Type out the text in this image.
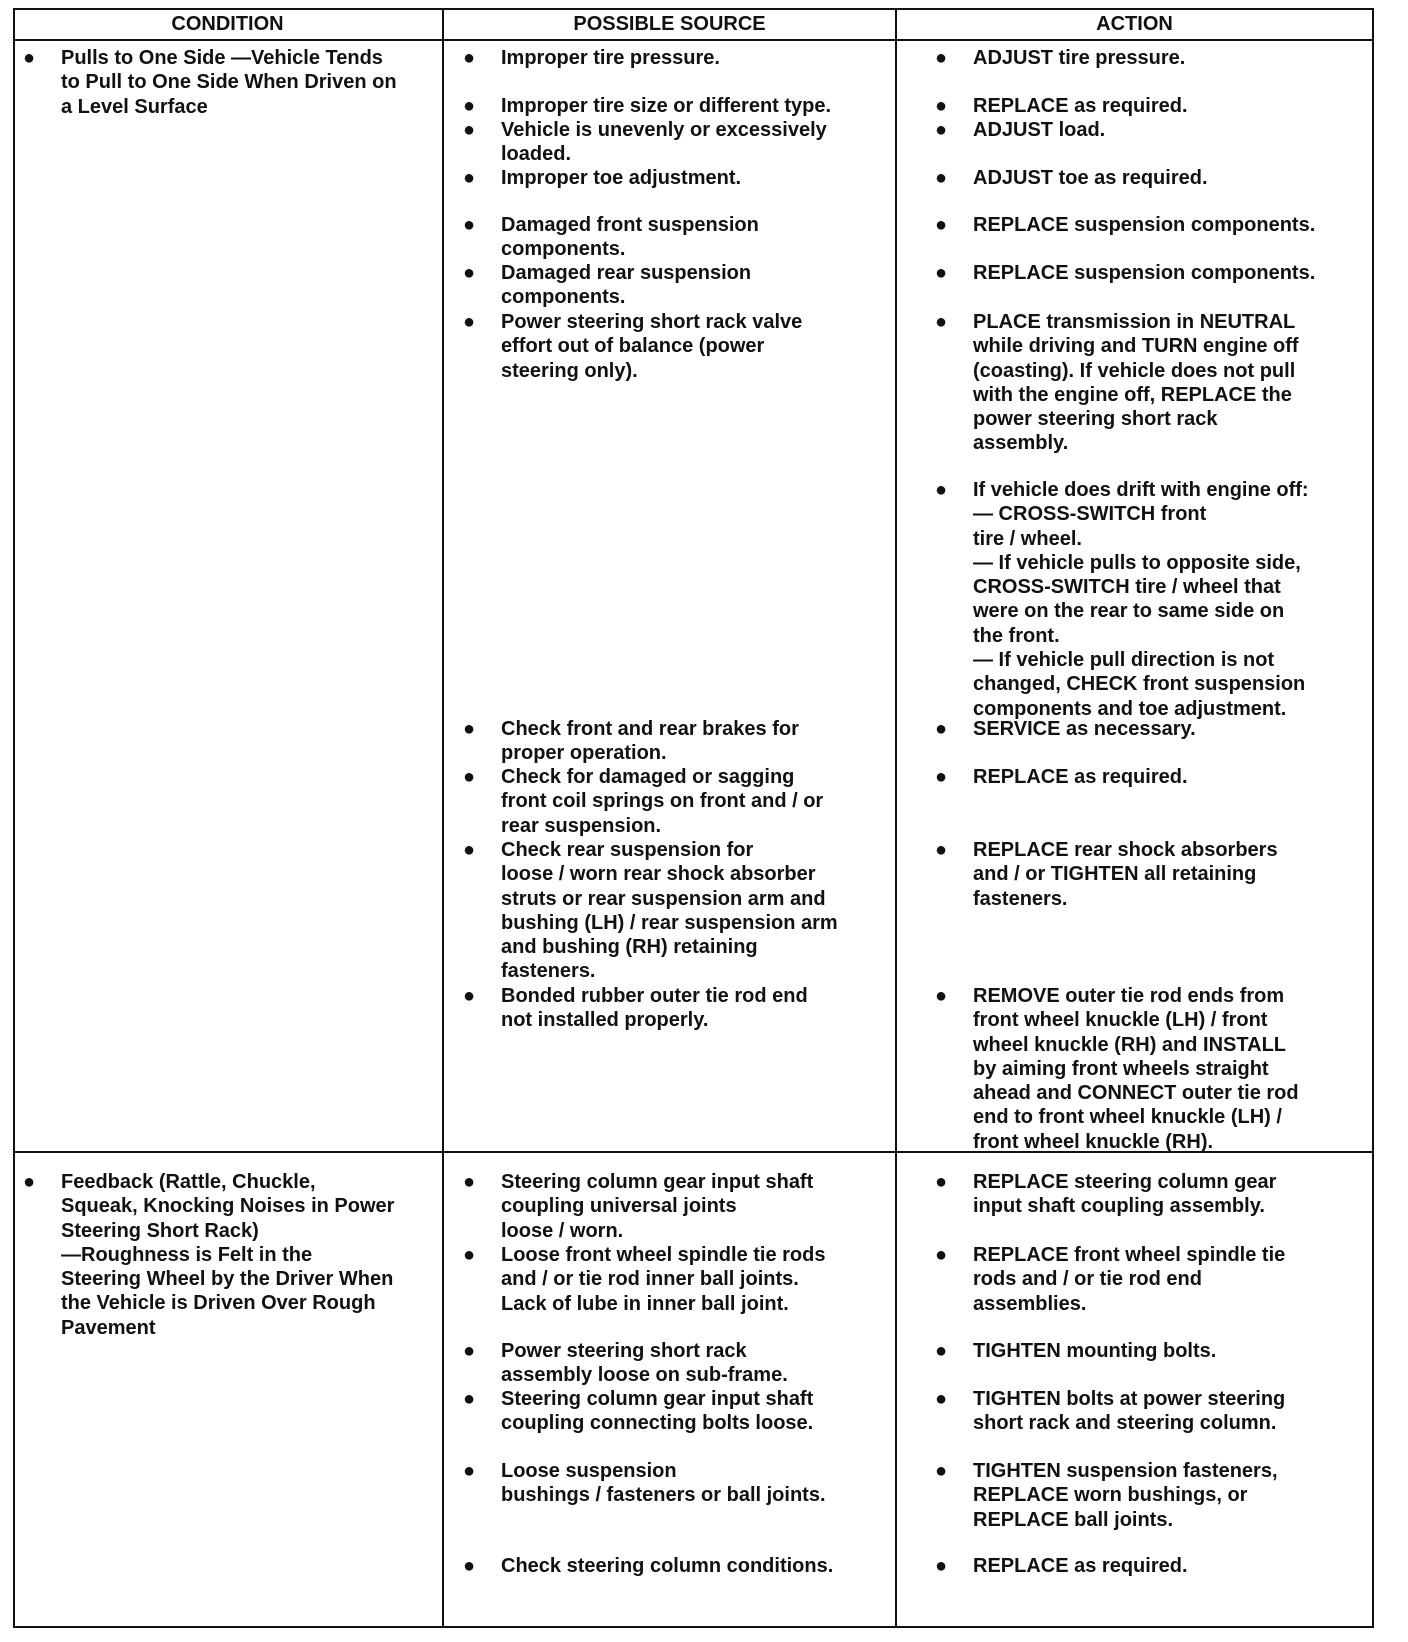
CONDITION	POSSIBLE SOURCE	ACTION
● Pulls to One Side —Vehicle Tends
to Pull to One Side When Driven on
a Level Surface
● Improper tire pressure.
● Improper tire size or different type.
● Vehicle is unevenly or excessively
loaded.
● Improper toe adjustment.
● Damaged front suspension
components.
● Damaged rear suspension
components.
● Power steering short rack valve
effort out of balance (power
steering only).
● Check front and rear brakes for
proper operation.
● Check for damaged or sagging
front coil springs on front and / or
rear suspension.
● Check rear suspension for
loose / worn rear shock absorber
struts or rear suspension arm and
bushing (LH) / rear suspension arm
and bushing (RH) retaining
fasteners.
● Bonded rubber outer tie rod end
not installed properly.
● ADJUST tire pressure.
● REPLACE as required.
● ADJUST load.
● ADJUST toe as required.
● REPLACE suspension components.
● REPLACE suspension components.
● PLACE transmission in NEUTRAL
while driving and TURN engine off
(coasting). If vehicle does not pull
with the engine off, REPLACE the
power steering short rack
assembly.
● If vehicle does drift with engine off:
— CROSS-SWITCH front
tire / wheel.
— If vehicle pulls to opposite side,
CROSS-SWITCH tire / wheel that
were on the rear to same side on
the front.
— If vehicle pull direction is not
changed, CHECK front suspension
components and toe adjustment.
● SERVICE as necessary.
● REPLACE as required.
● REPLACE rear shock absorbers
and / or TIGHTEN all retaining
fasteners.
● REMOVE outer tie rod ends from
front wheel knuckle (LH) / front
wheel knuckle (RH) and INSTALL
by aiming front wheels straight
ahead and CONNECT outer tie rod
end to front wheel knuckle (LH) /
front wheel knuckle (RH).
● Feedback (Rattle, Chuckle,
Squeak, Knocking Noises in Power
Steering Short Rack)
—Roughness is Felt in the
Steering Wheel by the Driver When
the Vehicle is Driven Over Rough
Pavement
● Steering column gear input shaft
coupling universal joints
loose / worn.
● Loose front wheel spindle tie rods
and / or tie rod inner ball joints.
Lack of lube in inner ball joint.
● Power steering short rack
assembly loose on sub-frame.
● Steering column gear input shaft
coupling connecting bolts loose.
● Loose suspension
bushings / fasteners or ball joints.
● Check steering column conditions.
● REPLACE steering column gear
input shaft coupling assembly.
● REPLACE front wheel spindle tie
rods and / or tie rod end
assemblies.
● TIGHTEN mounting bolts.
● TIGHTEN bolts at power steering
short rack and steering column.
● TIGHTEN suspension fasteners,
REPLACE worn bushings, or
REPLACE ball joints.
● REPLACE as required.
